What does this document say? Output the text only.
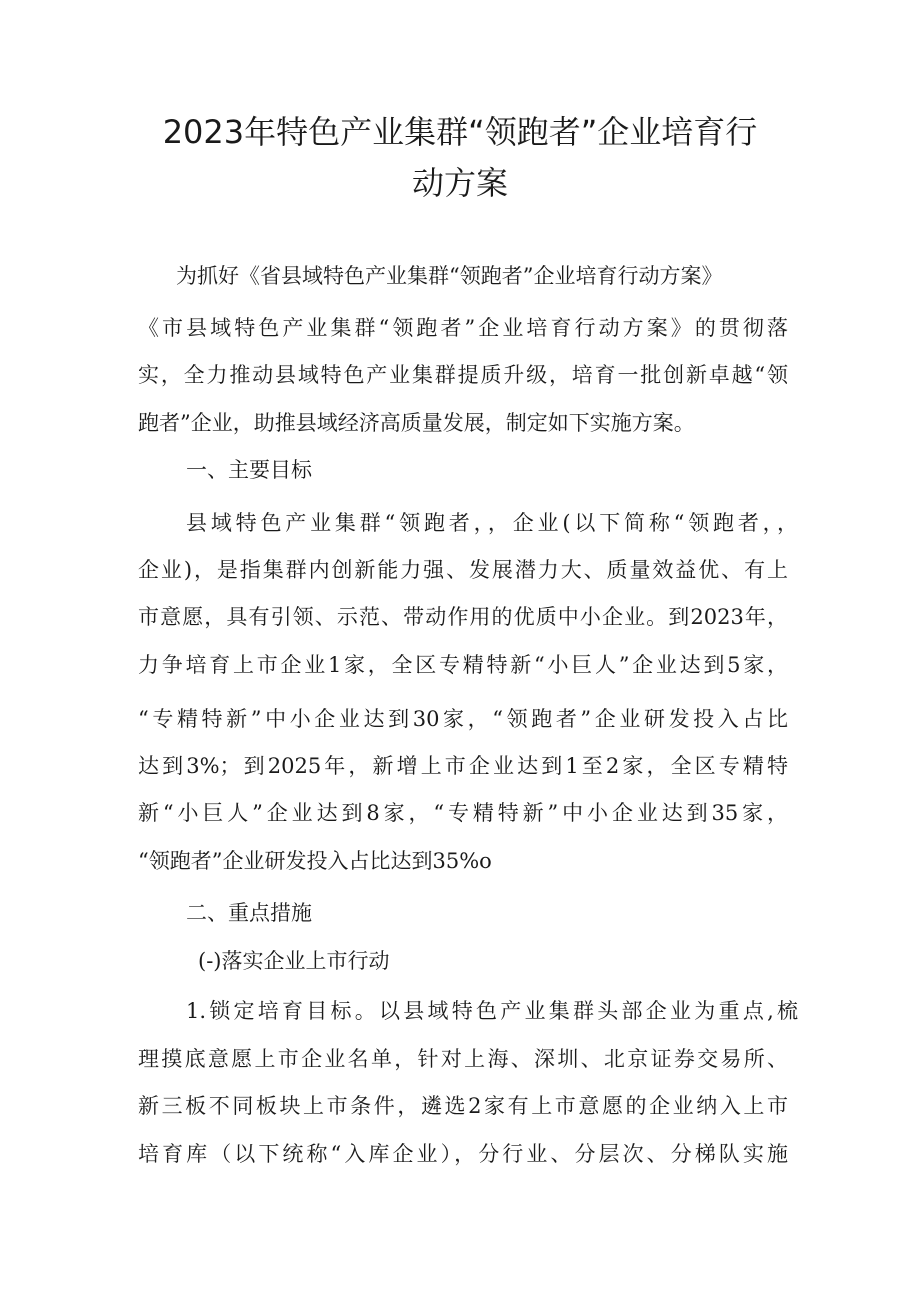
2023年特色产业集群“领跑者”企业培育行
动方案

为抓好《省县域特色产业集群“领跑者”企业培育行动方案》

《市县域特色产业集群“领跑者”企业培育行动方案》的贯彻落

实，全力推动县域特色产业集群提质升级，培育一批创新卓越“领

跑者”企业，助推县域经济高质量发展，制定如下实施方案。

一、主要目标

县域特色产业集群“领跑者，，企业(以下简称“领跑者，，

企业)，是指集群内创新能力强、发展潜力大、质量效益优、有上

市意愿，具有引领、示范、带动作用的优质中小企业。到2023年，

力争培育上市企业1家，全区专精特新“小巨人”企业达到5家，

“专精特新”中小企业达到30家，“领跑者”企业研发投入占比

达到3%；到2025年，新增上市企业达到1至2家，全区专精特

新“小巨人”企业达到8家，“专精特新”中小企业达到35家，

“领跑者”企业研发投入占比达到35%o

二、重点措施

(-)落实企业上市行动

1.锁定培育目标。以县域特色产业集群头部企业为重点,梳

理摸底意愿上市企业名单，针对上海、深圳、北京证券交易所、

新三板不同板块上市条件，遴选2家有上市意愿的企业纳入上市

培育库（以下统称“入库企业），分行业、分层次、分梯队实施
